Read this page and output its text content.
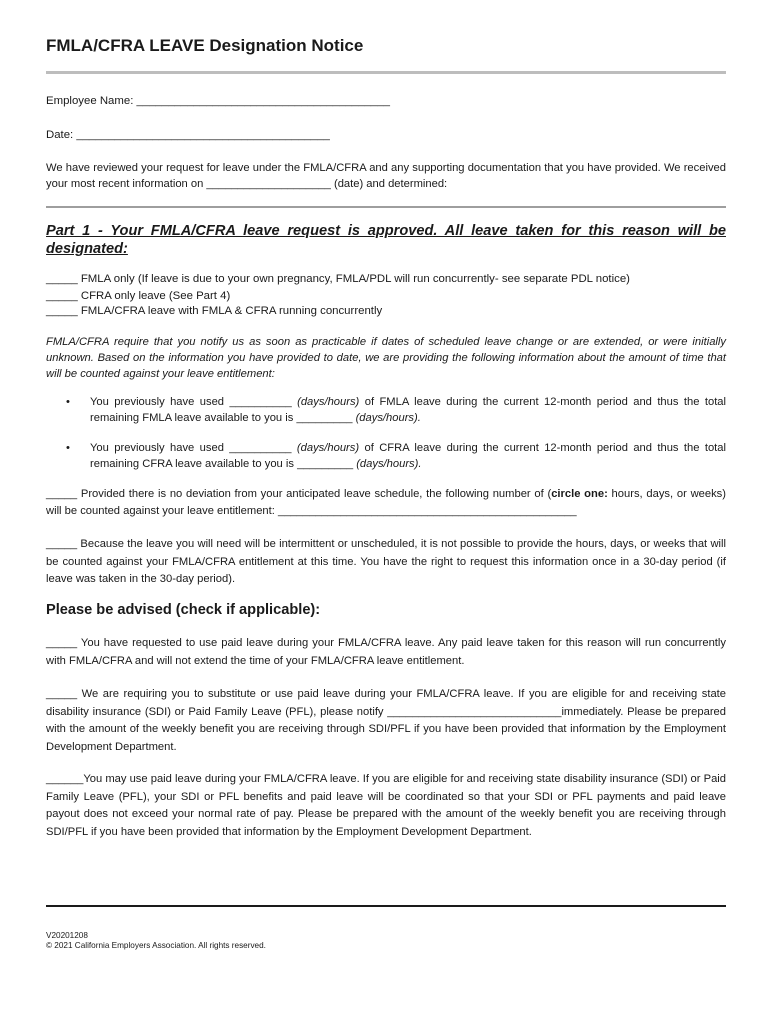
FMLA/CFRA LEAVE Designation Notice
Employee Name: ________________________________________
Date: ________________________________________
We have reviewed your request for leave under the FMLA/CFRA and any supporting documentation that you have provided. We received your most recent information on ____________________ (date) and determined:
Part 1 - Your FMLA/CFRA leave request is approved. All leave taken for this reason will be designated:
_____ FMLA only (If leave is due to your own pregnancy, FMLA/PDL will run concurrently- see separate PDL notice)
_____ CFRA only leave (See Part 4)
_____ FMLA/CFRA leave with FMLA & CFRA running concurrently
FMLA/CFRA require that you notify us as soon as practicable if dates of scheduled leave change or are extended, or were initially unknown. Based on the information you have provided to date, we are providing the following information about the amount of time that will be counted against your leave entitlement:
• You previously have used __________ (days/hours) of FMLA leave during the current 12-month period and thus the total remaining FMLA leave available to you is _________ (days/hours).
• You previously have used __________ (days/hours) of CFRA leave during the current 12-month period and thus the total remaining CFRA leave available to you is _________ (days/hours).
_____ Provided there is no deviation from your anticipated leave schedule, the following number of (circle one: hours, days, or weeks) will be counted against your leave entitlement: ________________________________________________
_____ Because the leave you will need will be intermittent or unscheduled, it is not possible to provide the hours, days, or weeks that will be counted against your FMLA/CFRA entitlement at this time. You have the right to request this information once in a 30-day period (if leave was taken in the 30-day period).
Please be advised (check if applicable):
_____ You have requested to use paid leave during your FMLA/CFRA leave. Any paid leave taken for this reason will run concurrently with FMLA/CFRA and will not extend the time of your FMLA/CFRA leave entitlement.
_____ We are requiring you to substitute or use paid leave during your FMLA/CFRA leave. If you are eligible for and receiving state disability insurance (SDI) or Paid Family Leave (PFL), please notify ____________________________immediately. Please be prepared with the amount of the weekly benefit you are receiving through SDI/PFL if you have been provided that information by the Employment Development Department.
______You may use paid leave during your FMLA/CFRA leave. If you are eligible for and receiving state disability insurance (SDI) or Paid Family Leave (PFL), your SDI or PFL benefits and paid leave will be coordinated so that your SDI or PFL payments and paid leave payout does not exceed your normal rate of pay. Please be prepared with the amount of the weekly benefit you are receiving through SDI/PFL if you have been provided that information by the Employment Development Department.
V20201208
© 2021 California Employers Association. All rights reserved.
